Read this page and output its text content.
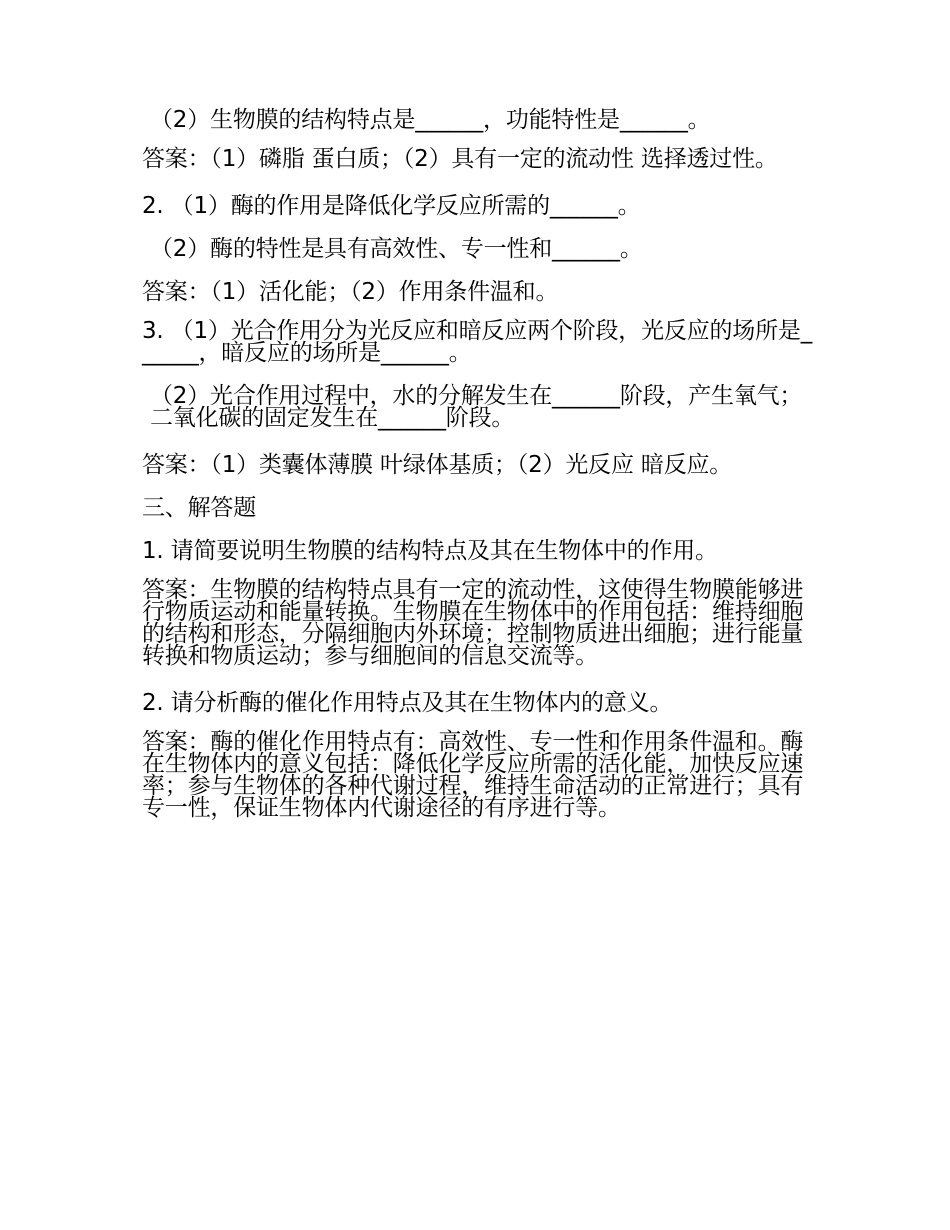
（2）生物膜的结构特点是______，功能特性是______。

答案：（1）磷脂 蛋白质；（2）具有一定的流动性 选择透过性。

2. （1）酶的作用是降低化学反应所需的______。

（2）酶的特性是具有高效性、专一性和______。

答案：（1）活化能；（2）作用条件温和。

3. （1）光合作用分为光反应和暗反应两个阶段，光反应的场所是______，暗反应的场所是______。

（2）光合作用过程中，水的分解发生在______阶段，产生氧气；二氧化碳的固定发生在______阶段。

答案：（1）类囊体薄膜 叶绿体基质；（2）光反应 暗反应。

三、解答题

1. 请简要说明生物膜的结构特点及其在生物体中的作用。

答案：生物膜的结构特点具有一定的流动性，这使得生物膜能够进行物质运动和能量转换。生物膜在生物体中的作用包括：维持细胞的结构和形态，分隔细胞内外环境；控制物质进出细胞；进行能量转换和物质运动；参与细胞间的信息交流等。

2. 请分析酶的催化作用特点及其在生物体内的意义。

答案：酶的催化作用特点有：高效性、专一性和作用条件温和。酶在生物体内的意义包括：降低化学反应所需的活化能，加快反应速率；参与生物体的各种代谢过程，维持生命活动的正常进行；具有专一性，保证生物体内代谢途径的有序进行等。
